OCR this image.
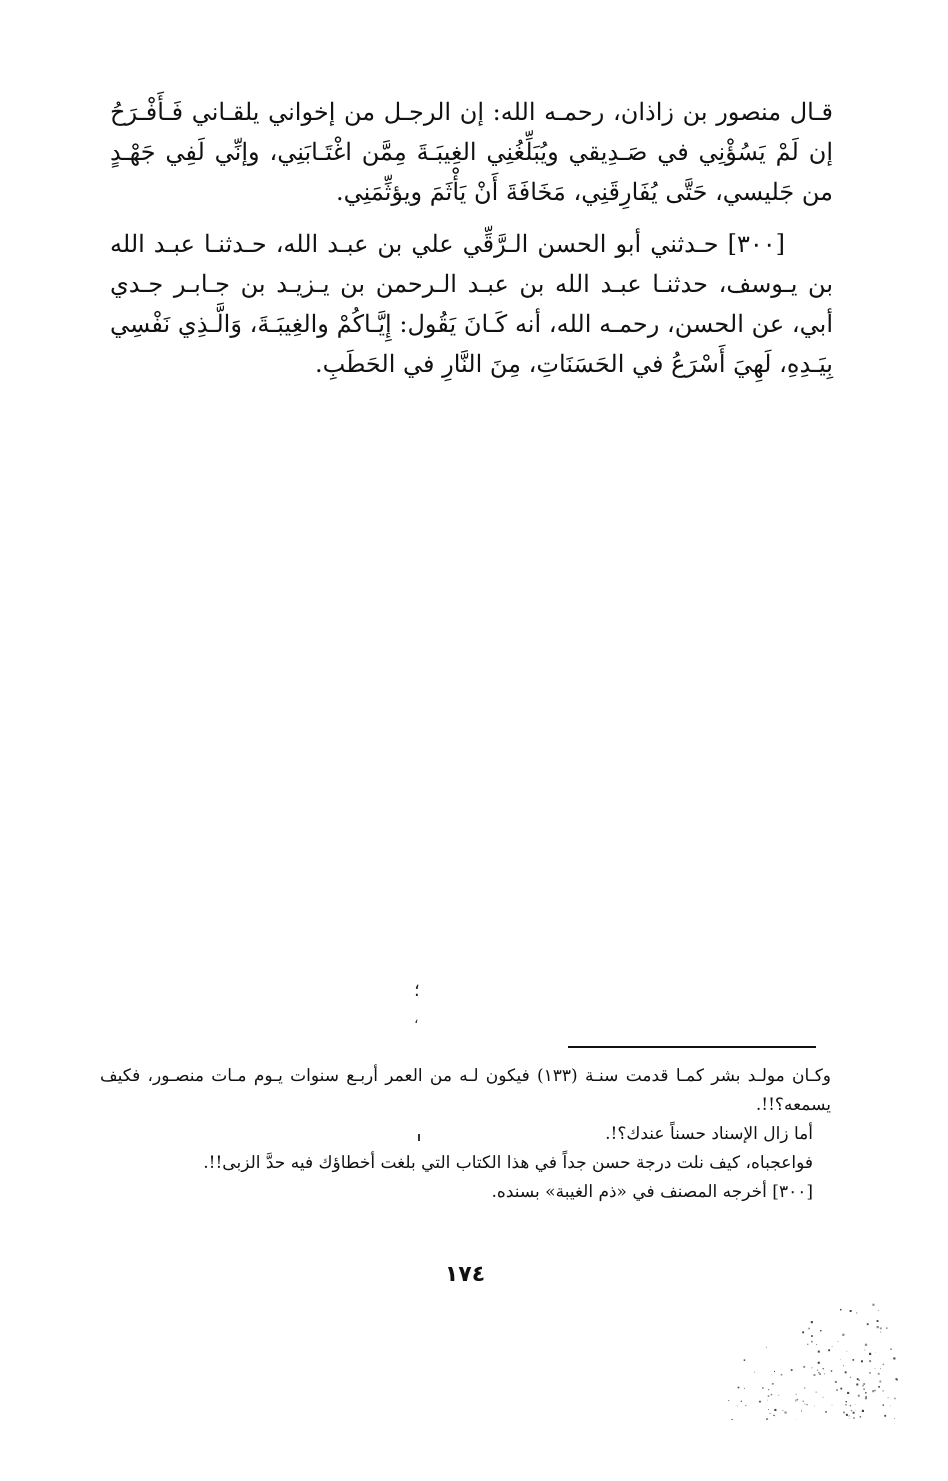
قـال منصور بن زاذان، رحمـه الله: إن الرجـل من إخواني يلقـاني فَـأَفْـرَحُ إن لَمْ يَسُؤْنِي في صَـدِيقي ويُبَلِّغُنِي الغِيبَـةَ مِمَّن اغْتَـابَنِي، وإنِّي لَفِي جَهْـدٍ من جَليسي، حَتَّى يُفَارِقَنِي، مَخَافَةَ أَنْ يَأْثَمَ ويؤثِّمَنِي.

[٣٠٠] حـدثني أبو الحسن الـرَّقِّي علي بن عبـد الله، حـدثنـا عبـد الله بن يـوسف، حدثنـا عبـد الله بن عبـد الـرحمن بن يـزيـد بن جـابـر جـدي أبي، عن الحسن، رحمـه الله، أنه كَـانَ يَقُول: إِيَّـاكُمْ والغِيبَـةَ، وَالَّـذِي نَفْسِي بِيَـدِهِ، لَهِيَ أَسْرَعُ في الحَسَنَاتِ، مِنَ النَّارِ في الحَطَبِ.

؛
،

وكـان مولـد بشر كمـا قدمت سنـة (١٣٣) فيكون لـه من العمر أربـع سنوات يـوم مـات منصـور، فكيف يسمعه؟!!.

أما زال الإسناد حسناً عندك؟!.

فواعجباه، كيف نلت درجة حسن جداً في هذا الكتاب التي بلغت أخطاؤك فيه حدَّ الزبى!!.

[٣٠٠] أخرجه المصنف في «ذم الغيبة» بسنده.

١٧٤
